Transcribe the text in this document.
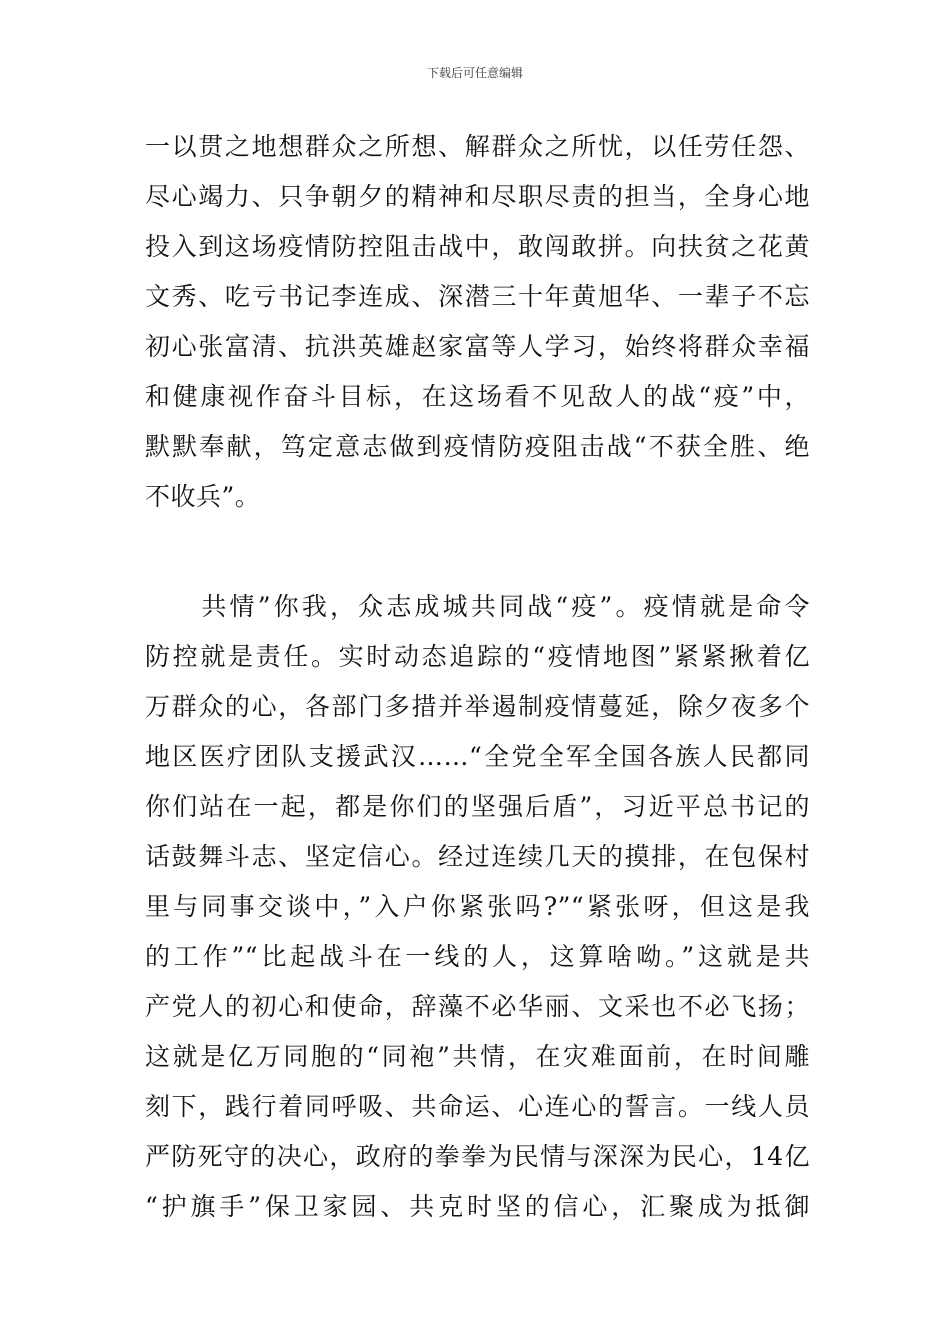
下载后可任意编辑
一以贯之地想群众之所想、解群众之所忧，以任劳任怨、
尽心竭力、只争朝夕的精神和尽职尽责的担当，全身心地
投入到这场疫情防控阻击战中，敢闯敢拼。向扶贫之花黄
文秀、吃亏书记李连成、深潜三十年黄旭华、一辈子不忘
初心张富清、抗洪英雄赵家富等人学习，始终将群众幸福
和健康视作奋斗目标，在这场看不见敌人的战“疫”中，
默默奉献，笃定意志做到疫情防疫阻击战“不获全胜、绝
不收兵”。
　　共情”你我，众志成城共同战“疫”。疫情就是命令
防控就是责任。实时动态追踪的“疫情地图”紧紧揪着亿
万群众的心，各部门多措并举遏制疫情蔓延，除夕夜多个
地区医疗团队支援武汉……“全党全军全国各族人民都同
你们站在一起，都是你们的坚强后盾”，习近平总书记的
话鼓舞斗志、坚定信心。经过连续几天的摸排，在包保村
里与同事交谈中，”入户你紧张吗?”“紧张呀，但这是我
的工作”“比起战斗在一线的人，这算啥呦。”这就是共
产党人的初心和使命，辞藻不必华丽、文采也不必飞扬；
这就是亿万同胞的“同袍”共情，在灾难面前，在时间雕
刻下，践行着同呼吸、共命运、心连心的誓言。一线人员
严防死守的决心，政府的拳拳为民情与深深为民心，14亿
“护旗手”保卫家园、共克时坚的信心，汇聚成为抵御
